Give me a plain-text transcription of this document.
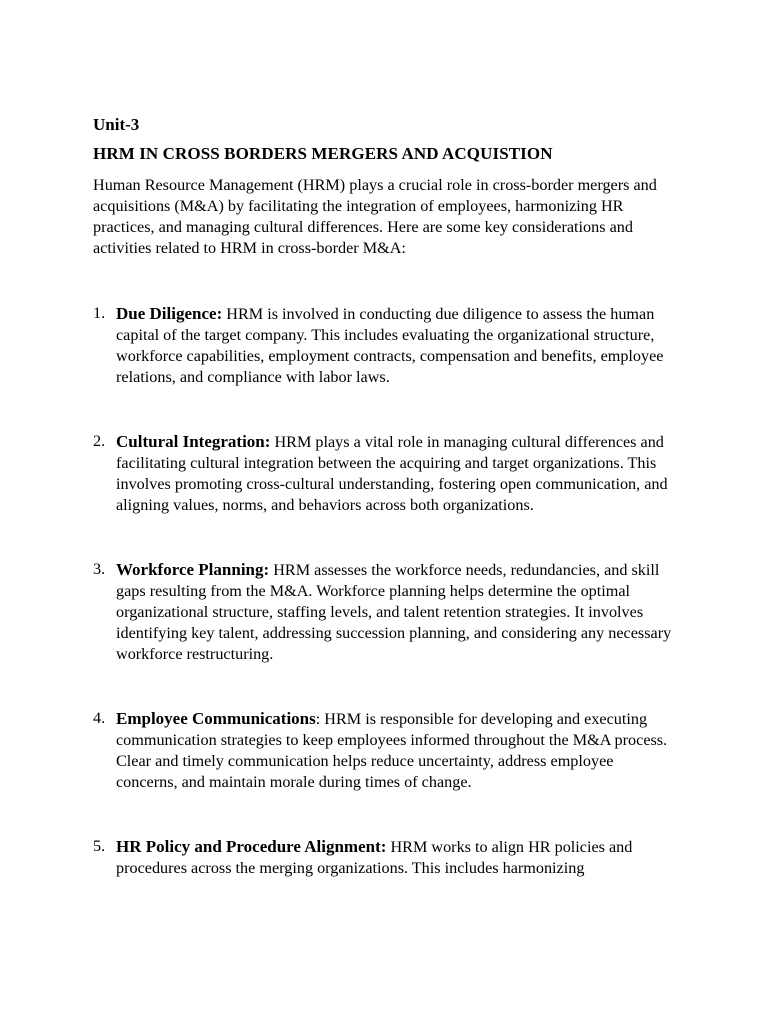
Unit-3
HRM IN CROSS BORDERS MERGERS AND ACQUISTION

Human Resource Management (HRM) plays a crucial role in cross-border mergers and acquisitions (M&A) by facilitating the integration of employees, harmonizing HR practices, and managing cultural differences. Here are some key considerations and activities related to HRM in cross-border M&A:

1. Due Diligence: HRM is involved in conducting due diligence to assess the human capital of the target company. This includes evaluating the organizational structure, workforce capabilities, employment contracts, compensation and benefits, employee relations, and compliance with labor laws.
2. Cultural Integration: HRM plays a vital role in managing cultural differences and facilitating cultural integration between the acquiring and target organizations. This involves promoting cross-cultural understanding, fostering open communication, and aligning values, norms, and behaviors across both organizations.
3. Workforce Planning: HRM assesses the workforce needs, redundancies, and skill gaps resulting from the M&A. Workforce planning helps determine the optimal organizational structure, staffing levels, and talent retention strategies. It involves identifying key talent, addressing succession planning, and considering any necessary workforce restructuring.
4. Employee Communications: HRM is responsible for developing and executing communication strategies to keep employees informed throughout the M&A process. Clear and timely communication helps reduce uncertainty, address employee concerns, and maintain morale during times of change.
5. HR Policy and Procedure Alignment: HRM works to align HR policies and procedures across the merging organizations. This includes harmonizing
